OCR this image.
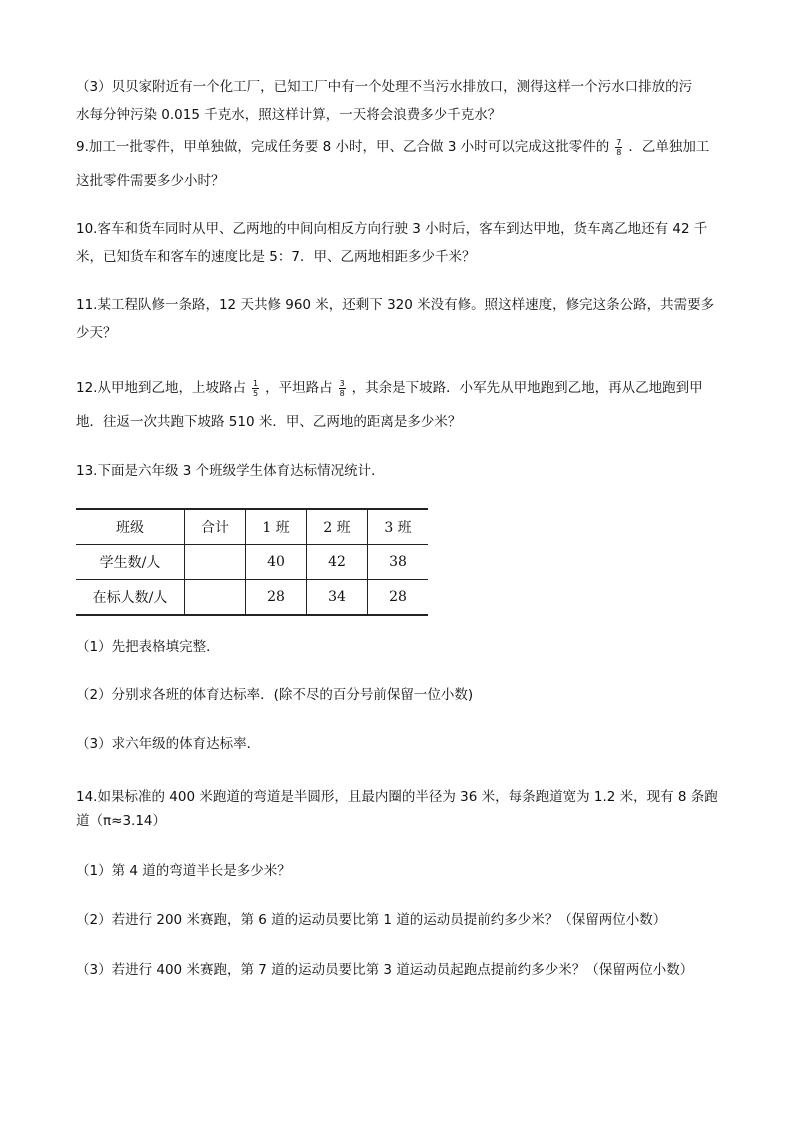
（3）贝贝家附近有一个化工厂，已知工厂中有一个处理不当污水排放口，测得这样一个污水口排放的污

水每分钟污染 0.015 千克水，照这样计算，一天将会浪费多少千克水？

9.加工一批零件，甲单独做，完成任务要 8 小时，甲、乙合做 3 小时可以完成这批零件的 $\frac{7}{8}$ ．乙单独加工

这批零件需要多少小时？

10.客车和货车同时从甲、乙两地的中间向相反方向行驶 3 小时后，客车到达甲地，货车离乙地还有 42 千

米，已知货车和客车的速度比是 5：7．甲、乙两地相距多少千米？

11.某工程队修一条路，12 天共修 960 米，还剩下 320 米没有修。照这样速度，修完这条公路，共需要多

少天？

12.从甲地到乙地，上坡路占 $\frac{1}{5}$ ，平坦路占 $\frac{3}{8}$ ，其余是下坡路．小军先从甲地跑到乙地，再从乙地跑到甲

地．往返一次共跑下坡路 510 米．甲、乙两地的距离是多少米？

13.下面是六年级 3 个班级学生体育达标情况统计．

班级	合计	1 班	2 班	3 班
学生数/人		40	42	38
在标人数/人		28	34	28

（1）先把表格填完整．

（2）分别求各班的体育达标率．(除不尽的百分号前保留一位小数)

（3）求六年级的体育达标率．

14.如果标准的 400 米跑道的弯道是半圆形，且最内圈的半径为 36 米，每条跑道宽为 1.2 米，现有 8 条跑

道（π≈3.14）

（1）第 4 道的弯道半长是多少米？

（2）若进行 200 米赛跑，第 6 道的运动员要比第 1 道的运动员提前约多少米？（保留两位小数）

（3）若进行 400 米赛跑，第 7 道的运动员要比第 3 道运动员起跑点提前约多少米？（保留两位小数）
